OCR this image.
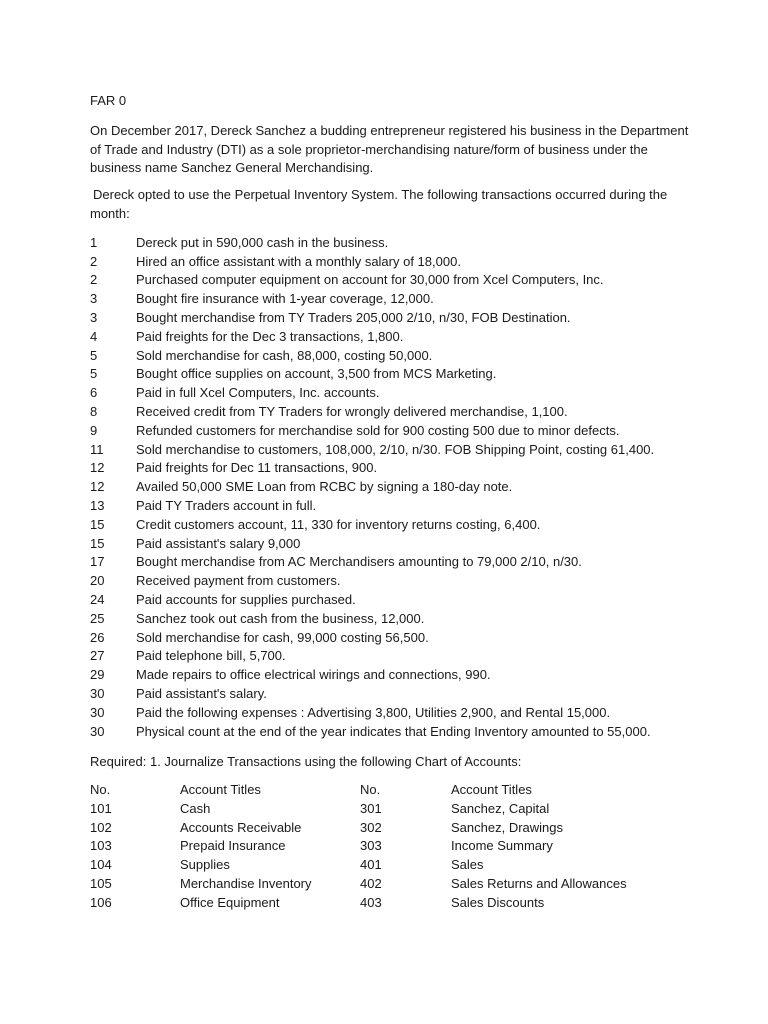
FAR 0

On December 2017, Dereck Sanchez a budding entrepreneur registered his business in the Department of Trade and Industry (DTI) as a sole proprietor-merchandising nature/form of business under the business name Sanchez General Merchandising.

Dereck opted to use the Perpetual Inventory System. The following transactions occurred during the month:

1	Dereck put in 590,000 cash in the business.
2	Hired an office assistant with a monthly salary of 18,000.
2	Purchased computer equipment on account for 30,000 from Xcel Computers, Inc.
3	Bought fire insurance with 1-year coverage, 12,000.
3	Bought merchandise from TY Traders 205,000 2/10, n/30, FOB Destination.
4	Paid freights for the Dec 3 transactions, 1,800.
5	Sold merchandise for cash, 88,000, costing 50,000.
5	Bought office supplies on account, 3,500 from MCS Marketing.
6	Paid in full Xcel Computers, Inc. accounts.
8	Received credit from TY Traders for wrongly delivered merchandise, 1,100.
9	Refunded customers for merchandise sold for 900 costing 500 due to minor defects.
11	Sold merchandise to customers, 108,000, 2/10, n/30. FOB Shipping Point, costing 61,400.
12	Paid freights for Dec 11 transactions, 900.
12	Availed 50,000 SME Loan from RCBC by signing a 180-day note.
13	Paid TY Traders account in full.
15	Credit customers account, 11, 330 for inventory returns costing, 6,400.
15	Paid assistant's salary 9,000
17	Bought merchandise from AC Merchandisers amounting to 79,000 2/10, n/30.
20	Received payment from customers.
24	Paid accounts for supplies purchased.
25	Sanchez took out cash from the business, 12,000.
26	Sold merchandise for cash, 99,000 costing 56,500.
27	Paid telephone bill, 5,700.
29	Made repairs to office electrical wirings and connections, 990.
30	Paid assistant's salary.
30	Paid the following expenses : Advertising 3,800, Utilities 2,900, and Rental 15,000.
30	Physical count at the end of the year indicates that Ending Inventory amounted to 55,000.

Required: 1. Journalize Transactions using the following Chart of Accounts:

No.	Account Titles	No.	Account Titles
101	Cash	301	Sanchez, Capital
102	Accounts Receivable	302	Sanchez, Drawings
103	Prepaid Insurance	303	Income Summary
104	Supplies	401	Sales
105	Merchandise Inventory	402	Sales Returns and Allowances
106	Office Equipment	403	Sales Discounts
